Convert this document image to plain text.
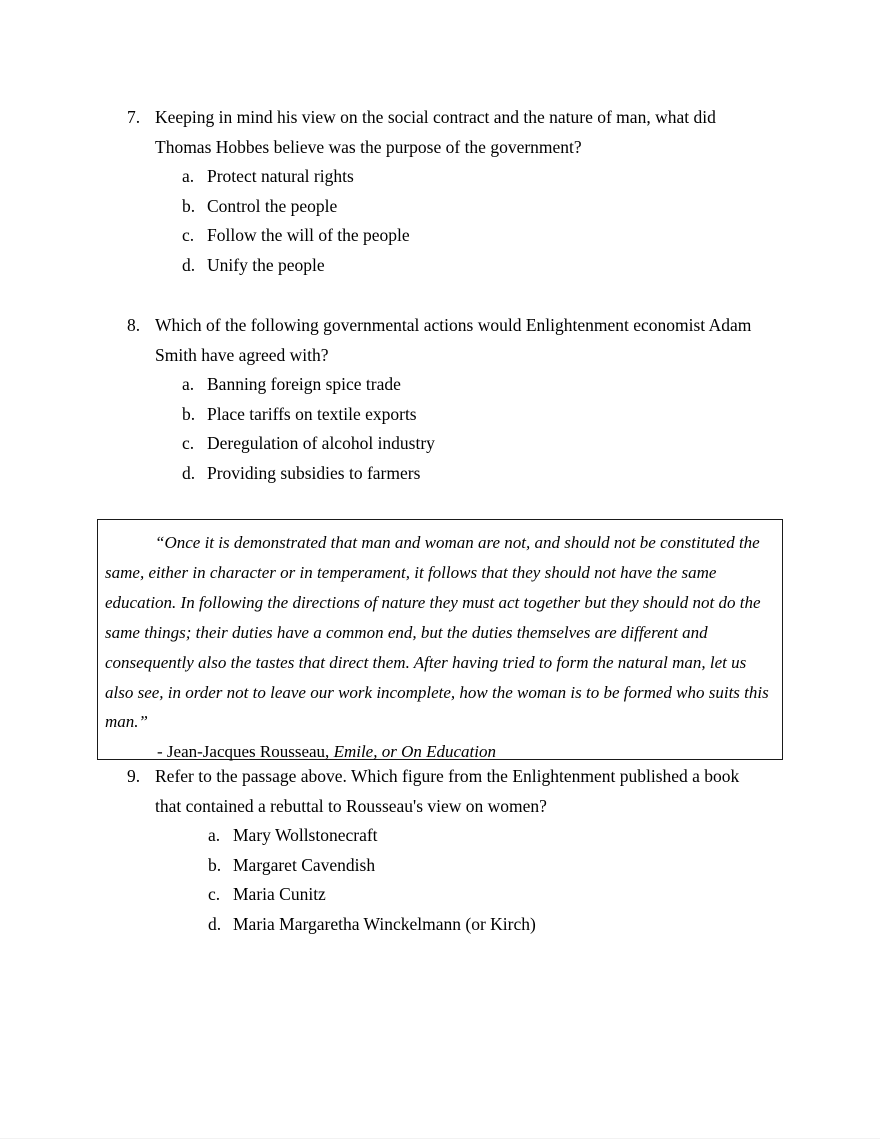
7. Keeping in mind his view on the social contract and the nature of man, what did Thomas Hobbes believe was the purpose of the government?
a. Protect natural rights
b. Control the people
c. Follow the will of the people
d. Unify the people
8. Which of the following governmental actions would Enlightenment economist Adam Smith have agreed with?
a. Banning foreign spice trade
b. Place tariffs on textile exports
c. Deregulation of alcohol industry
d. Providing subsidies to farmers

“Once it is demonstrated that man and woman are not, and should not be constituted the same, either in character or in temperament, it follows that they should not have the same education. In following the directions of nature they must act together but they should not do the same things; their duties have a common end, but the duties themselves are different and consequently also the tastes that direct them. After having tried to form the natural man, let us also see, in order not to leave our work incomplete, how the woman is to be formed who suits this man.”

- Jean-Jacques Rousseau, Emile, or On Education

9. Refer to the passage above. Which figure from the Enlightenment published a book that contained a rebuttal to Rousseau's view on women?
a. Mary Wollstonecraft
b. Margaret Cavendish
c. Maria Cunitz
d. Maria Margaretha Winckelmann (or Kirch)
